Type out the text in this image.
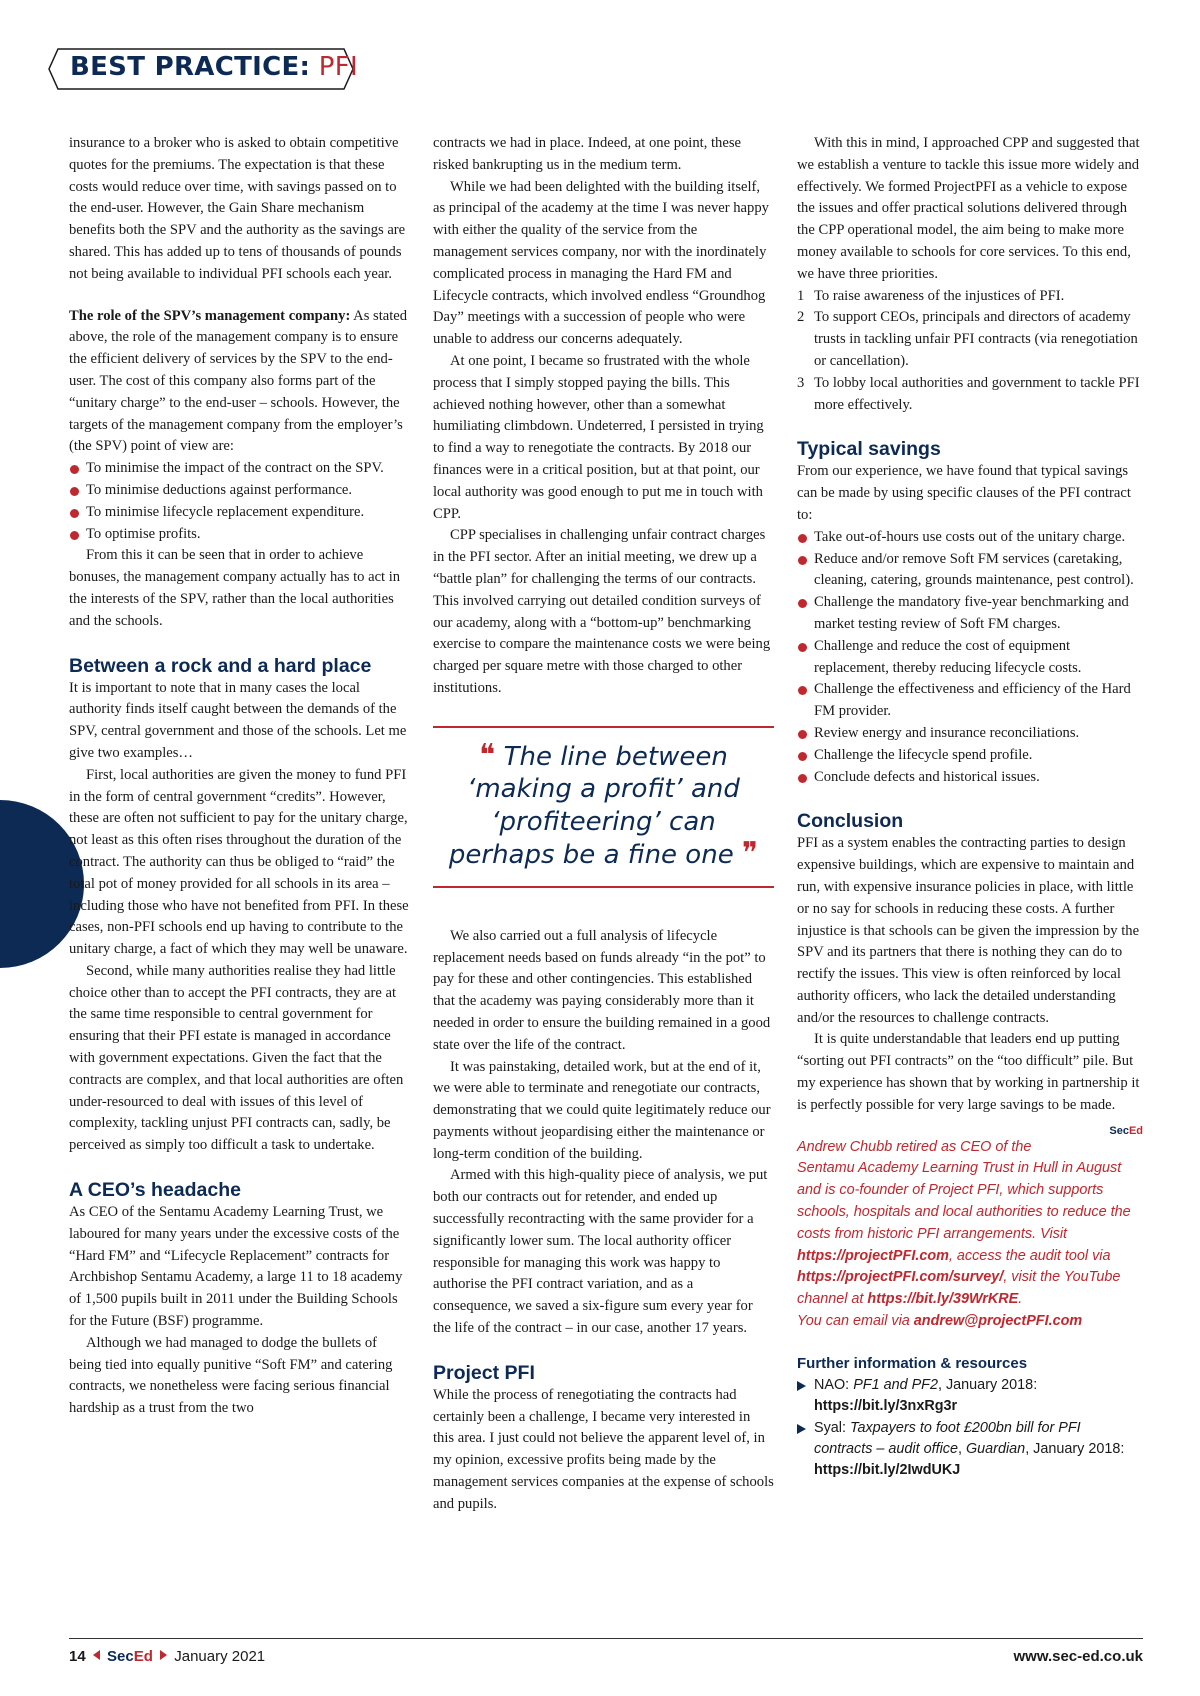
BEST PRACTICE: PFI

insurance to a broker who is asked to obtain competitive quotes for the premiums. The expectation is that these costs would reduce over time, with savings passed on to the end-user. However, the Gain Share mechanism benefits both the SPV and the authority as the savings are shared. This has added up to tens of thousands of pounds not being available to individual PFI schools each year.

The role of the SPV’s management company: As stated above, the role of the management company is to ensure the efficient delivery of services by the SPV to the end-user. The cost of this company also forms part of the “unitary charge” to the end-user – schools. However, the targets of the management company from the employer’s (the SPV) point of view are:

To minimise the impact of the contract on the SPV.
To minimise deductions against performance.
To minimise lifecycle replacement expenditure.
To optimise profits.

From this it can be seen that in order to achieve bonuses, the management company actually has to act in the interests of the SPV, rather than the local authorities and the schools.

Between a rock and a hard place

It is important to note that in many cases the local authority finds itself caught between the demands of the SPV, central government and those of the schools. Let me give two examples…

First, local authorities are given the money to fund PFI in the form of central government “credits”. However, these are often not sufficient to pay for the unitary charge, not least as this often rises throughout the duration of the contract. The authority can thus be obliged to “raid” the total pot of money provided for all schools in its area – including those who have not benefited from PFI. In these cases, non-PFI schools end up having to contribute to the unitary charge, a fact of which they may well be unaware.

Second, while many authorities realise they had little choice other than to accept the PFI contracts, they are at the same time responsible to central government for ensuring that their PFI estate is managed in accordance with government expectations. Given the fact that the contracts are complex, and that local authorities are often under-resourced to deal with issues of this level of complexity, tackling unjust PFI contracts can, sadly, be perceived as simply too difficult a task to undertake.

A CEO’s headache

As CEO of the Sentamu Academy Learning Trust, we laboured for many years under the excessive costs of the “Hard FM” and “Lifecycle Replacement” contracts for Archbishop Sentamu Academy, a large 11 to 18 academy of 1,500 pupils built in 2011 under the Building Schools for the Future (BSF) programme.

Although we had managed to dodge the bullets of being tied into equally punitive “Soft FM” and catering contracts, we nonetheless were facing serious financial hardship as a trust from the two

contracts we had in place. Indeed, at one point, these risked bankrupting us in the medium term.

While we had been delighted with the building itself, as principal of the academy at the time I was never happy with either the quality of the service from the management services company, nor with the inordinately complicated process in managing the Hard FM and Lifecycle contracts, which involved endless “Groundhog Day” meetings with a succession of people who were unable to address our concerns adequately.

At one point, I became so frustrated with the whole process that I simply stopped paying the bills. This achieved nothing however, other than a somewhat humiliating climbdown. Undeterred, I persisted in trying to find a way to renegotiate the contracts. By 2018 our finances were in a critical position, but at that point, our local authority was good enough to put me in touch with CPP.

CPP specialises in challenging unfair contract charges in the PFI sector. After an initial meeting, we drew up a “battle plan” for challenging the terms of our contracts. This involved carrying out detailed condition surveys of our academy, along with a “bottom-up” benchmarking exercise to compare the maintenance costs we were being charged per square metre with those charged to other institutions.

❝ The line between ‘making a profit’ and ‘profiteering’ can perhaps be a fine one ❞

We also carried out a full analysis of lifecycle replacement needs based on funds already “in the pot” to pay for these and other contingencies. This established that the academy was paying considerably more than it needed in order to ensure the building remained in a good state over the life of the contract.

It was painstaking, detailed work, but at the end of it, we were able to terminate and renegotiate our contracts, demonstrating that we could quite legitimately reduce our payments without jeopardising either the maintenance or long-term condition of the building.

Armed with this high-quality piece of analysis, we put both our contracts out for retender, and ended up successfully recontracting with the same provider for a significantly lower sum. The local authority officer responsible for managing this work was happy to authorise the PFI contract variation, and as a consequence, we saved a six-figure sum every year for the life of the contract – in our case, another 17 years.

Project PFI

While the process of renegotiating the contracts had certainly been a challenge, I became very interested in this area. I just could not believe the apparent level of, in my opinion, excessive profits being made by the management services companies at the expense of schools and pupils.

With this in mind, I approached CPP and suggested that we establish a venture to tackle this issue more widely and effectively. We formed ProjectPFI as a vehicle to expose the issues and offer practical solutions delivered through the CPP operational model, the aim being to make more money available to schools for core services. To this end, we have three priorities.

1 To raise awareness of the injustices of PFI.
2 To support CEOs, principals and directors of academy trusts in tackling unfair PFI contracts (via renegotiation or cancellation).
3 To lobby local authorities and government to tackle PFI more effectively.
Typical savings

From our experience, we have found that typical savings can be made by using specific clauses of the PFI contract to:

Take out-of-hours use costs out of the unitary charge.
Reduce and/or remove Soft FM services (caretaking, cleaning, catering, grounds maintenance, pest control).
Challenge the mandatory five-year benchmarking and market testing review of Soft FM charges.
Challenge and reduce the cost of equipment replacement, thereby reducing lifecycle costs.
Challenge the effectiveness and efficiency of the Hard FM provider.
Review energy and insurance reconciliations.
Challenge the lifecycle spend profile.
Conclude defects and historical issues.
Conclusion

PFI as a system enables the contracting parties to design expensive buildings, which are expensive to maintain and run, with expensive insurance policies in place, with little or no say for schools in reducing these costs. A further injustice is that schools can be given the impression by the SPV and its partners that there is nothing they can do to rectify the issues. This view is often reinforced by local authority officers, who lack the detailed understanding and/or the resources to challenge contracts.

It is quite understandable that leaders end up putting “sorting out PFI contracts” on the “too difficult” pile. But my experience has shown that by working in partnership it is perfectly possible for very large savings to be made.
SecEd

Andrew Chubb retired as CEO of the Sentamu Academy Learning Trust in Hull in August and is co-founder of Project PFI, which supports schools, hospitals and local authorities to reduce the costs from historic PFI arrangements. Visit https://projectPFI.com, access the audit tool via https://projectPFI.com/survey/, visit the YouTube channel at https://bit.ly/39WrKRE.
You can email via andrew@projectPFI.com
Further information & resources
NAO: PF1 and PF2, January 2018: https://bit.ly/3nxRg3r
Syal: Taxpayers to foot £200bn bill for PFI contracts – audit office, Guardian, January 2018: https://bit.ly/2IwdUKJ
14 SecEd January 2021	www.sec-ed.co.uk
